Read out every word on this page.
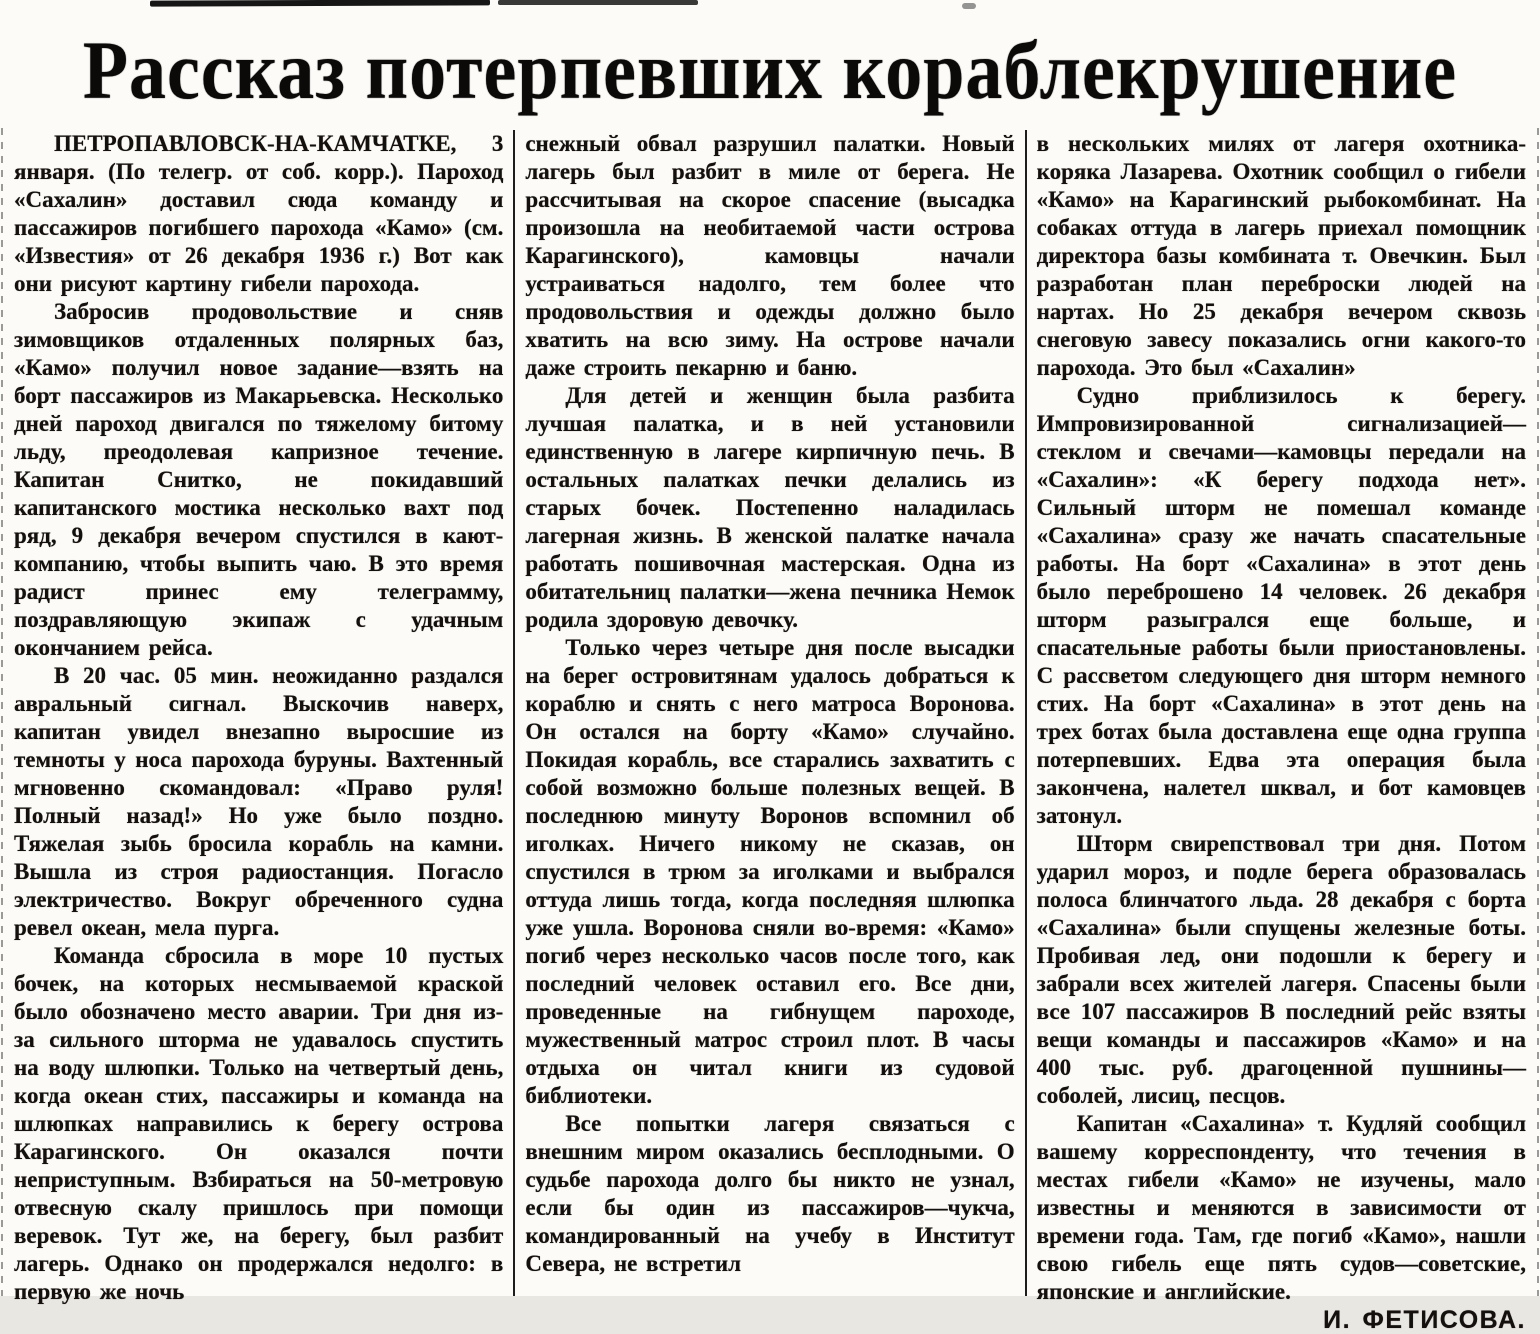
Рассказ потерпевших кораблекрушение

ПЕТРОПАВЛОВСК-НА-КАМЧАТКЕ, 3 января. (По телегр. от соб. корр.). Пароход «Сахалин» доставил сюда команду и пассажиров погибшего парохода «Камо» (см. «Известия» от 26 декабря 1936 г.) Вот как они рисуют картину гибели парохода.

Забросив продовольствие и сняв зимовщиков отдаленных полярных баз, «Камо» получил новое задание—взять на борт пассажиров из Макарьевска. Несколько дней пароход двигался по тяжелому битому льду, преодолевая капризное течение. Капитан Снитко, не покидавший капитанского мостика несколько вахт под ряд, 9 декабря вечером спустился в кают-компанию, чтобы выпить чаю. В это время радист принес ему телеграмму, поздравляющую экипаж с удачным окончанием рейса.

В 20 час. 05 мин. неожиданно раздался авральный сигнал. Выскочив наверх, капитан увидел внезапно выросшие из темноты у носа парохода буруны. Вахтенный мгновенно скомандовал: «Право руля! Полный назад!» Но уже было поздно. Тяжелая зыбь бросила корабль на камни. Вышла из строя радиостанция. Погасло электричество. Вокруг обреченного судна ревел океан, мела пурга.

Команда сбросила в море 10 пустых бочек, на которых несмываемой краской было обозначено место аварии. Три дня из-за сильного шторма не удавалось спустить на воду шлюпки. Только на четвертый день, когда океан стих, пассажиры и команда на шлюпках направились к берегу острова Карагинского. Он оказался почти неприступным. Взбираться на 50-метровую отвесную скалу пришлось при помощи веревок. Тут же, на берегу, был разбит лагерь. Однако он продержался недолго: в первую же ночь

снежный обвал разрушил палатки. Новый лагерь был разбит в миле от берега. Не рассчитывая на скорое спасение (высадка произошла на необитаемой части острова Карагинского), камовцы начали устраиваться надолго, тем более что продовольствия и одежды должно было хватить на всю зиму. На острове начали даже строить пекарню и баню.

Для детей и женщин была разбита лучшая палатка, и в ней установили единственную в лагере кирпичную печь. В остальных палатках печки делались из старых бочек. Постепенно наладилась лагерная жизнь. В женской палатке начала работать пошивочная мастерская. Одна из обитательниц палатки—жена печника Немок родила здоровую девочку.

Только через четыре дня после высадки на берег островитянам удалось добраться к кораблю и снять с него матроса Воронова. Он остался на борту «Камо» случайно. Покидая корабль, все старались захватить с собой возможно больше полезных вещей. В последнюю минуту Воронов вспомнил об иголках. Ничего никому не сказав, он спустился в трюм за иголками и выбрался оттуда лишь тогда, когда последняя шлюпка уже ушла. Воронова сняли во-время: «Камо» погиб через несколько часов после того, как последний человек оставил его. Все дни, проведенные на гибнущем пароходе, мужественный матрос строил плот. В часы отдыха он читал книги из судовой библиотеки.

Все попытки лагеря связаться с внешним миром оказались бесплодными. О судьбе парохода долго бы никто не узнал, если бы один из пассажиров—чукча, командированный на учебу в Институт Севера, не встретил

в нескольких милях от лагеря охотника-коряка Лазарева. Охотник сообщил о гибели «Камо» на Карагинский рыбокомбинат. На собаках оттуда в лагерь приехал помощник директора базы комбината т. Овечкин. Был разработан план переброски людей на нартах. Но 25 декабря вечером сквозь снеговую завесу показались огни какого-то парохода. Это был «Сахалин»

Судно приблизилось к берегу. Импровизированной сигнализацией—стеклом и свечами—камовцы передали на «Сахалин»: «К берегу подхода нет». Сильный шторм не помешал команде «Сахалина» сразу же начать спасательные работы. На борт «Сахалина» в этот день было переброшено 14 человек. 26 декабря шторм разыгрался еще больше, и спасательные работы были приостановлены. С рассветом следующего дня шторм немного стих. На борт «Сахалина» в этот день на трех ботах была доставлена еще одна группа потерпевших. Едва эта операция была закончена, налетел шквал, и бот камовцев затонул.

Шторм свирепствовал три дня. Потом ударил мороз, и подле берега образовалась полоса блинчатого льда. 28 декабря с борта «Сахалина» были спущены железные боты. Пробивая лед, они подошли к берегу и забрали всех жителей лагеря. Спасены были все 107 пассажиров В последний рейс взяты вещи команды и пассажиров «Камо» и на 400 тыс. руб. драгоценной пушнины—соболей, лисиц, песцов.

Капитан «Сахалина» т. Кудляй сообщил вашему корреспонденту, что течения в местах гибели «Камо» не изучены, мало известны и меняются в зависимости от времени года. Там, где погиб «Камо», нашли свою гибель еще пять судов—советские, японские и английские.
И. ФЕТИСОВА.
